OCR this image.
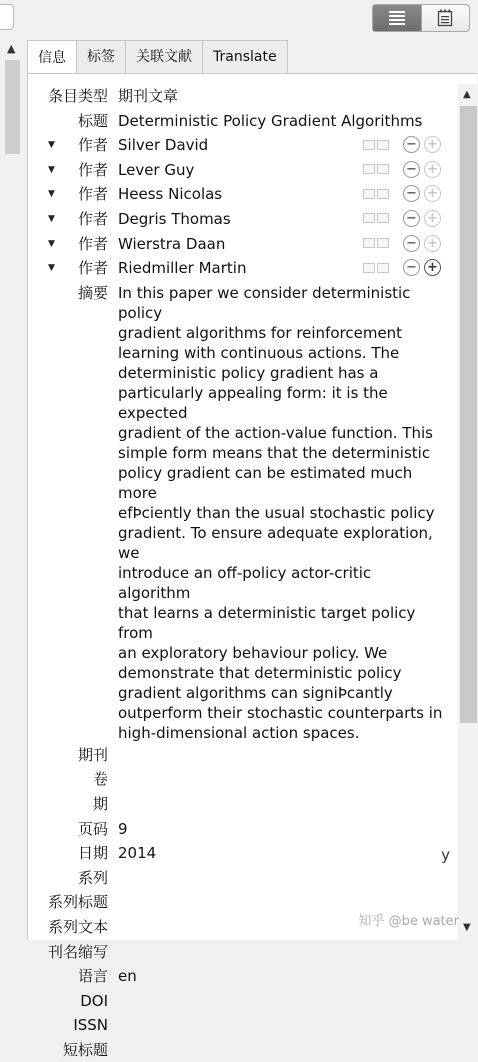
▲
信息 标签 关联文献 Translate
条目类型 期刊文章
标题 Deterministic Policy Gradient Algorithms
▼	作者 Silver David	− +
▼	作者 Lever Guy	− +
▼	作者 Heess Nicolas	− +
▼	作者 Degris Thomas	− +
▼	作者 Wierstra Daan	− +
▼	作者 Riedmiller Martin	− +
摘要 In this paper we consider deterministic policy
gradient algorithms for reinforcement
learning with continuous actions. The
deterministic policy gradient has a
particularly appealing form: it is the expected
gradient of the action-value function. This
simple form means that the deterministic
policy gradient can be estimated much more
efÞciently than the usual stochastic policy
gradient. To ensure adequate exploration, we
introduce an off-policy actor-critic algorithm
that learns a deterministic target policy from
an exploratory behaviour policy. We
demonstrate that deterministic policy
gradient algorithms can signiÞcantly
outperform their stochastic counterparts in
high-dimensional action spaces.
期刊
卷
期
页码 9
日期 2014	y
系列
系列标题
系列文本
刊名缩写
语言 en
DOI
ISSN
短标题
▲
▼
知乎 @be water
